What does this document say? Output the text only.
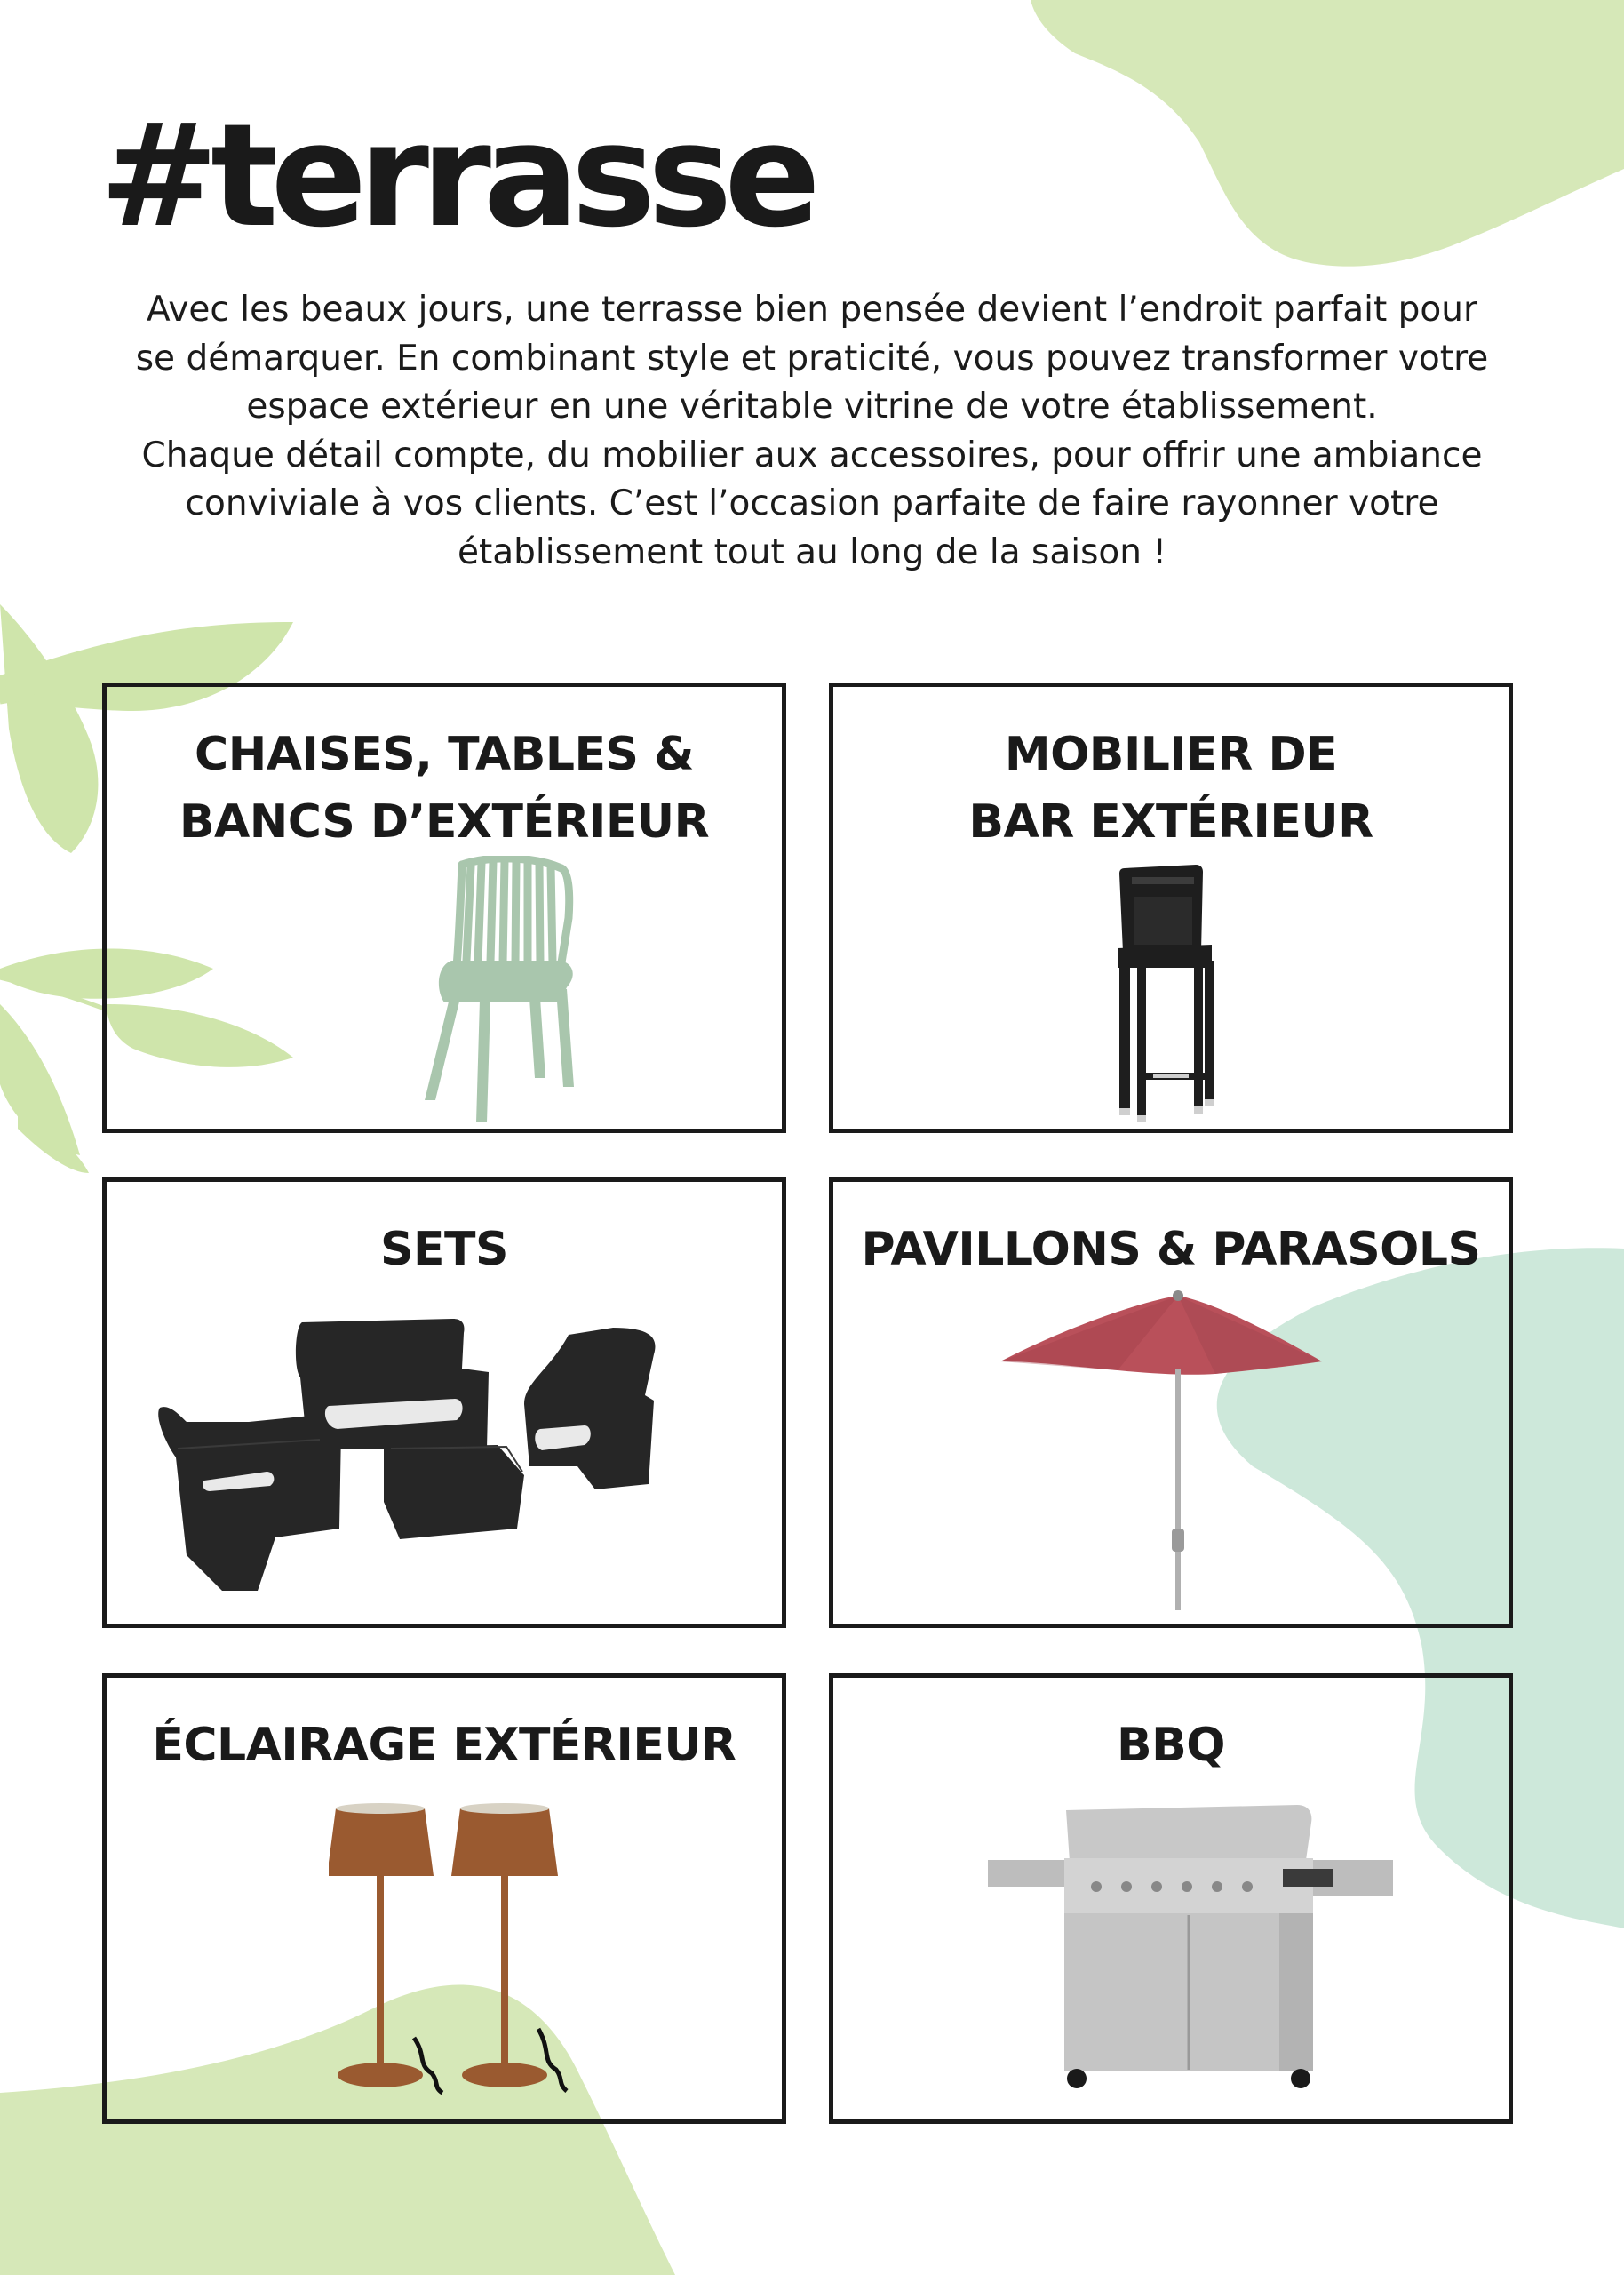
#terrasse

Avec les beaux jours, une terrasse bien pensée devient l’endroit parfait pour
se démarquer. En combinant style et praticité, vous pouvez transformer votre
espace extérieur en une véritable vitrine de votre établissement.
Chaque détail compte, du mobilier aux accessoires, pour offrir une ambiance
conviviale à vos clients. C’est l’occasion parfaite de faire rayonner votre
établissement tout au long de la saison !

CHAISES, TABLES &
BANCS D’EXTÉRIEUR
MOBILIER DE
BAR EXTÉRIEUR
SETS	PAVILLONS & PARASOLS
ÉCLAIRAGE EXTÉRIEUR	BBQ
